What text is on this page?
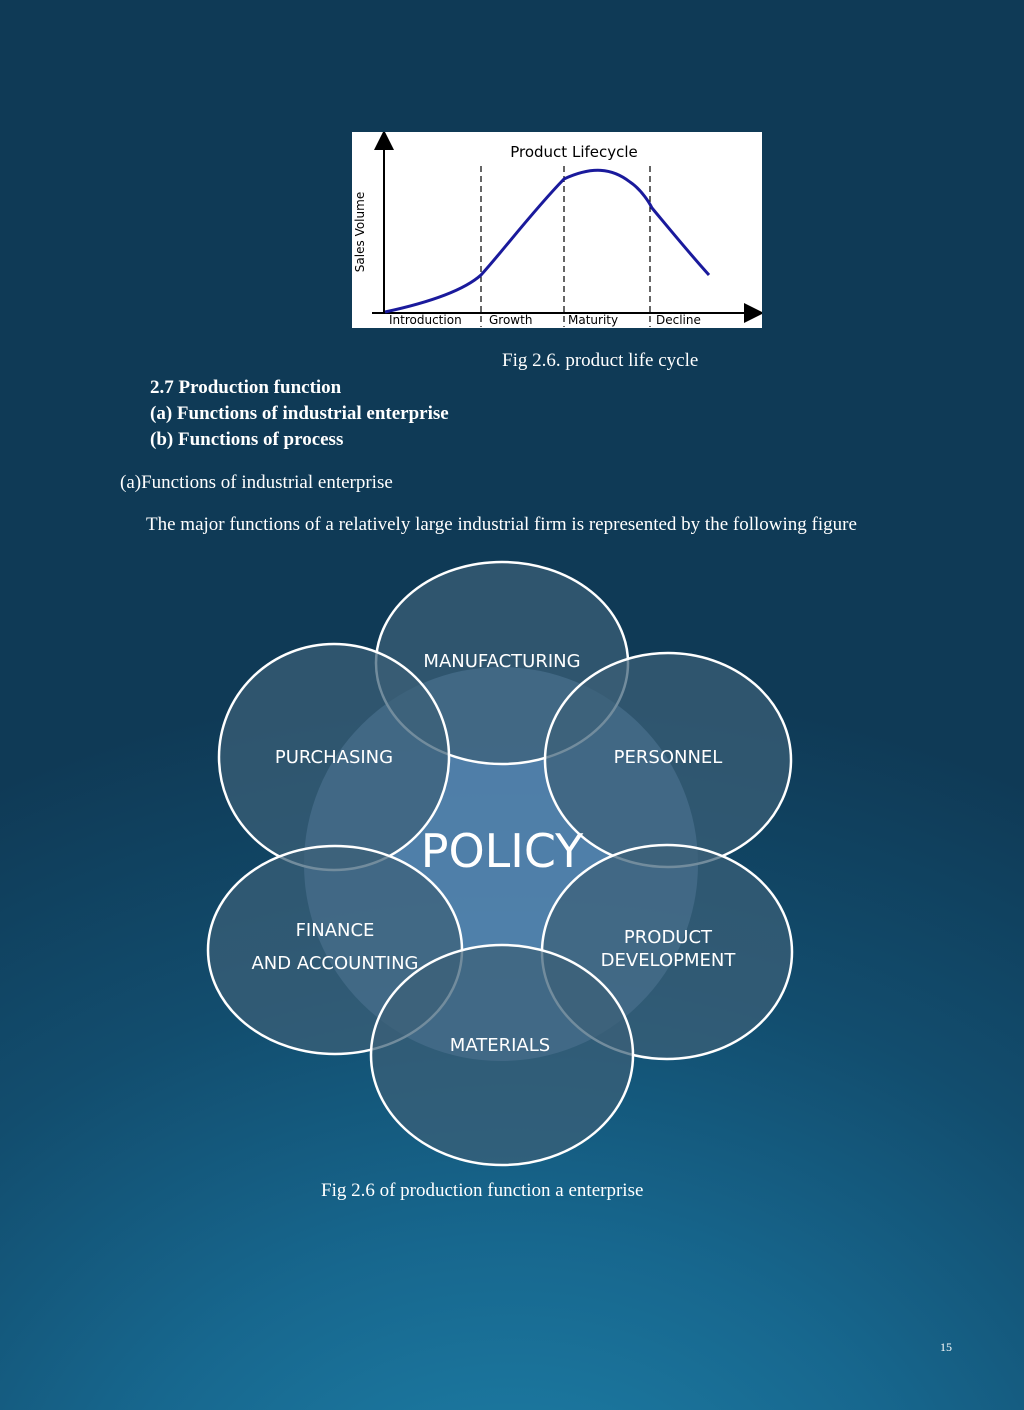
Product Lifecycle
Sales Volume
Introduction Growth	Maturity	Decline
Fig 2.6. product life cycle
2.7 Production function
(a) Functions of industrial enterprise
(b) Functions of process
(a)Functions of industrial enterprise
The major functions of a relatively large industrial firm is represented by the following figure
POLICY
MANUFACTURING
PURCHASING	PERSONNEL
FINANCE
AND ACCOUNTING
PRODUCT
DEVELOPMENT
MATERIALS
Fig 2.6 of production function a enterprise
15
